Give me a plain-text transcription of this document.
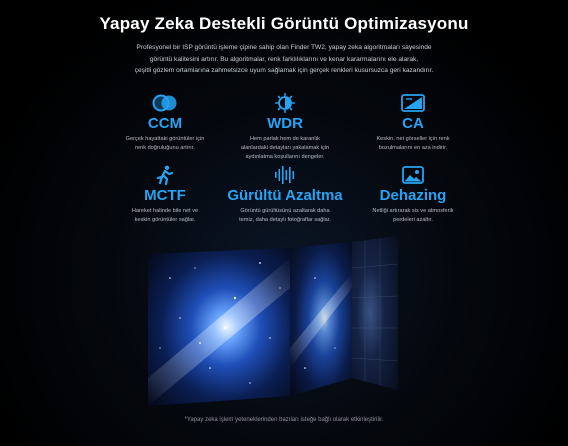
Yapay Zeka Destekli Görüntü Optimizasyonu
Profesyonel bir ISP görüntü işleme çipine sahip olan Finder TW2, yapay zeka algoritmaları sayesinde
görüntü kalitesini artırır. Bu algoritmalar, renk farklılıklarını ve kenar kararmalarını ele alarak,
çeşitli gözlem ortamlarına zahmetsizce uyum sağlamak için gerçek renkleri kusursuzca geri kazandırır.
CCM
Gerçek hayattaki görüntüler için
renk doğruluğunu artırır.
WDR
Hem parlak hem de karanlık
alanlardaki detayları yakalamak için
aydınlatma koşullarını dengeler.
CA
Keskin, net görseller için renk
bozulmalarını en aza indirir.
MCTF
Hareket halinde bile net ve
keskin görüntüler sağlar.
Gürültü Azaltma
Görüntü gürültüsünü azaltarak daha
temiz, daha detaylı fotoğraflar sağlar.
Dehazing
Netliği artırarak sis ve atmosferik
perdeleri azaltır.
*Yapay zeka işlem yeteneklerinden bazıları isteğe bağlı olarak etkinleştirilir.
